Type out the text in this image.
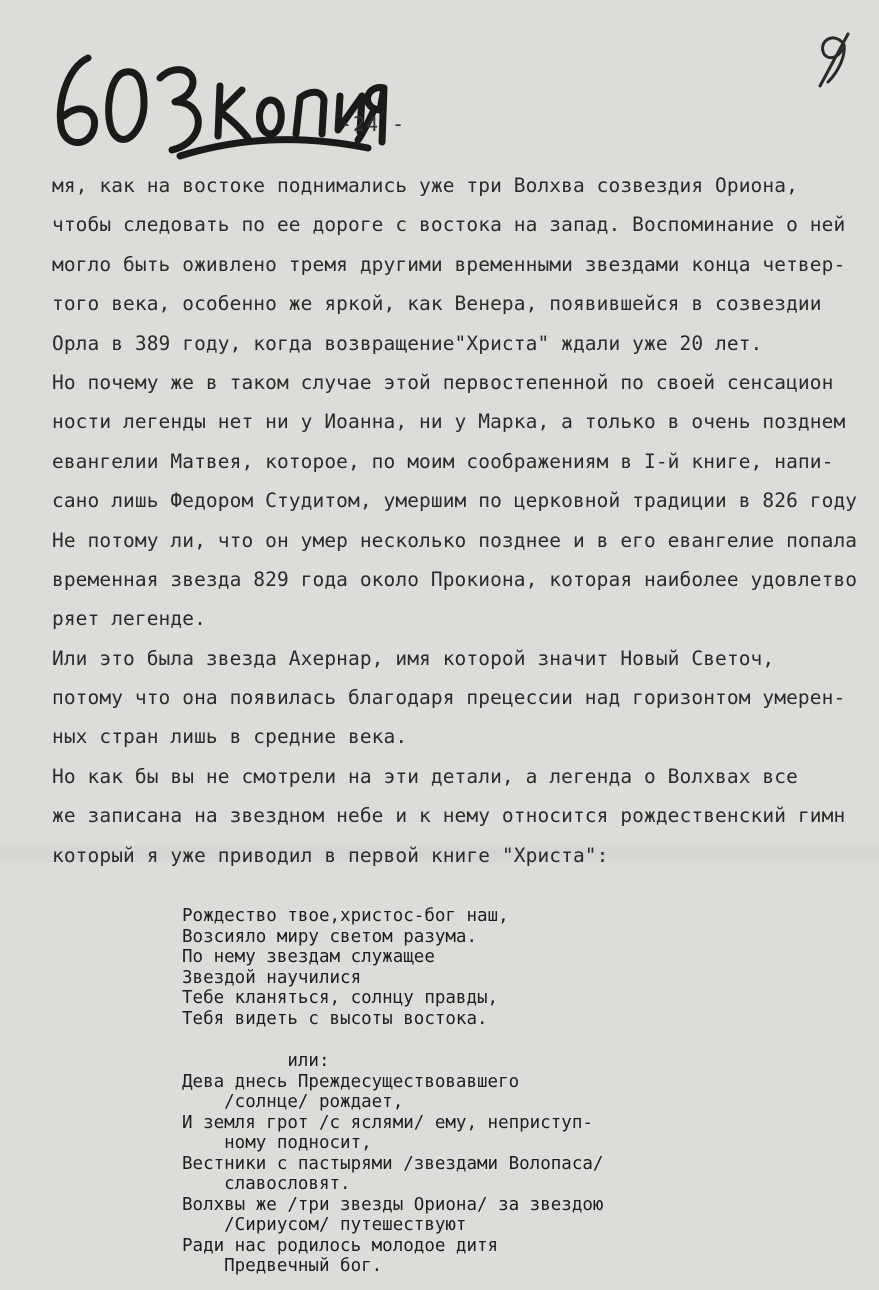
-24 -
мя, как на востоке поднимались уже три Волхва созвездия Ориона,
чтобы следовать по ее дороге с востока на запад. Воспоминание о ней
могло быть оживлено тремя другими временными звездами конца четвер-
того века, особенно же яркой, как Венера, появившейся в созвездии
Орла в 389 году, когда возвращение"Христа" ждали уже 20 лет.
Но почему же в таком случае этой первостепенной по своей сенсацион
ности легенды нет ни у Иоанна, ни у Марка, а только в очень позднем
евангелии Матвея, которое, по моим соображениям в I-й книге, напи-
сано лишь Федором Студитом, умершим по церковной традиции в 826 году
Не потому ли, что он умер несколько позднее и в его евангелие попала
временная звезда 829 года около Прокиона, которая наиболее удовлетво
ряет легенде.
Или это была звезда Ахернар, имя которой значит Новый Светоч,
потому что она появилась благодаря прецессии над горизонтом умерен-
ных стран лишь в средние века.
Но как бы вы не смотрели на эти детали, а легенда о Волхвах все
же записана на звездном небе и к нему относится рождественский гимн
который я уже приводил в первой книге "Христа":
Рождество твое,христос-бог наш,
Возсияло миру светом разума.
По нему звездам служащее
Звездой научилися
Тебе кланяться, солнцу правды,
Тебя видеть с высоты востока.
или:
Дева днесь Преждесуществовавшего
/солнце/ рождает,
И земля грот /с яслями/ ему, неприступ-
ному подносит,
Вестники с пастырями /звездами Волопаса/
славословят.
Волхвы же /три звезды Ориона/ за звездою
/Сириусом/ путешествуют
Ради нас родилось молодое дитя
Предвечный бог.
